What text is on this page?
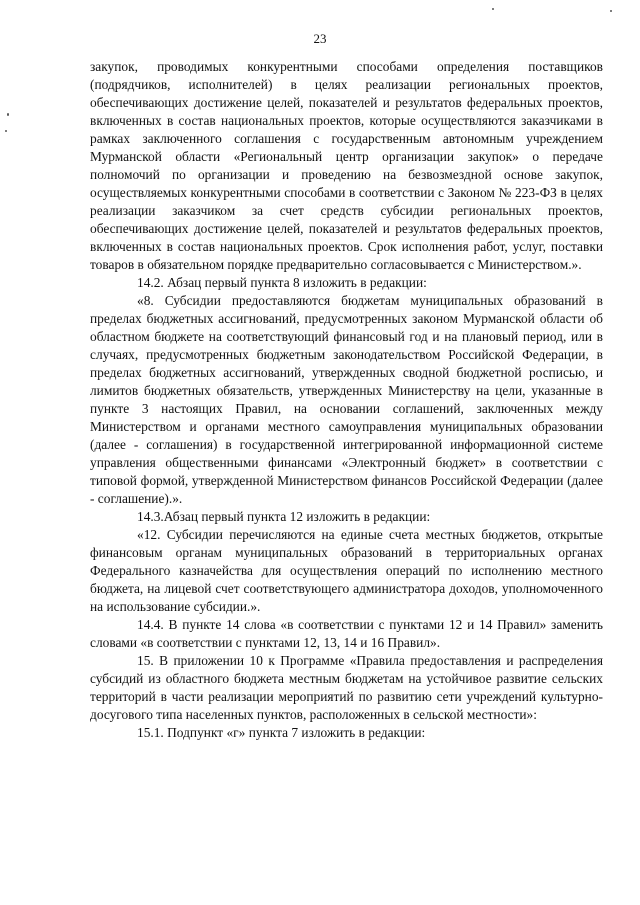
23

закупок, проводимых конкурентными способами определения поставщиков (подрядчиков, исполнителей) в целях реализации региональных проектов, обеспечивающих достижение целей, показателей и результатов федеральных проектов, включенных в состав национальных проектов, которые осуществляются заказчиками в рамках заключенного соглашения с государственным автономным учреждением Мурманской области «Региональный центр организации закупок» о передаче полномочий по организации и проведению на безвозмездной основе закупок, осуществляемых конкурентными способами в соответствии с Законом № 223-ФЗ в целях реализации заказчиком за счет средств субсидии региональных проектов, обеспечивающих достижение целей, показателей и результатов федеральных проектов, включенных в состав национальных проектов. Срок исполнения работ, услуг, поставки товаров в обязательном порядке предварительно согласовывается с Министерством.».

14.2. Абзац первый пункта 8 изложить в редакции:

«8. Субсидии предоставляются бюджетам муниципальных образований в пределах бюджетных ассигнований, предусмотренных законом Мурманской области об областном бюджете на соответствующий финансовый год и на плановый период, или в случаях, предусмотренных бюджетным законодательством Российской Федерации, в пределах бюджетных ассигнований, утвержденных сводной бюджетной росписью, и лимитов бюджетных обязательств, утвержденных Министерству на цели, указанные в пункте 3 настоящих Правил, на основании соглашений, заключенных между Министерством и органами местного самоуправления муниципальных образовании (далее - соглашения) в государственной интегрированной информационной системе управления общественными финансами «Электронный бюджет» в соответствии с типовой формой, утвержденной Министерством финансов Российской Федерации (далее - соглашение).».

14.3.Абзац первый пункта 12 изложить в редакции:

«12. Субсидии перечисляются на единые счета местных бюджетов, открытые финансовым органам муниципальных образований в территориальных органах Федерального казначейства для осуществления операций по исполнению местного бюджета, на лицевой счет соответствующего администратора доходов, уполномоченного на использование субсидии.».

14.4. В пункте 14 слова «в соответствии с пунктами 12 и 14 Правил» заменить словами «в соответствии с пунктами 12, 13, 14 и 16 Правил».

15. В приложении 10 к Программе «Правила предоставления и распределения субсидий из областного бюджета местным бюджетам на устойчивое развитие сельских территорий в части реализации мероприятий по развитию сети учреждений культурно-досугового типа населенных пунктов, расположенных в сельской местности»:

15.1. Подпункт «г» пункта 7 изложить в редакции:
